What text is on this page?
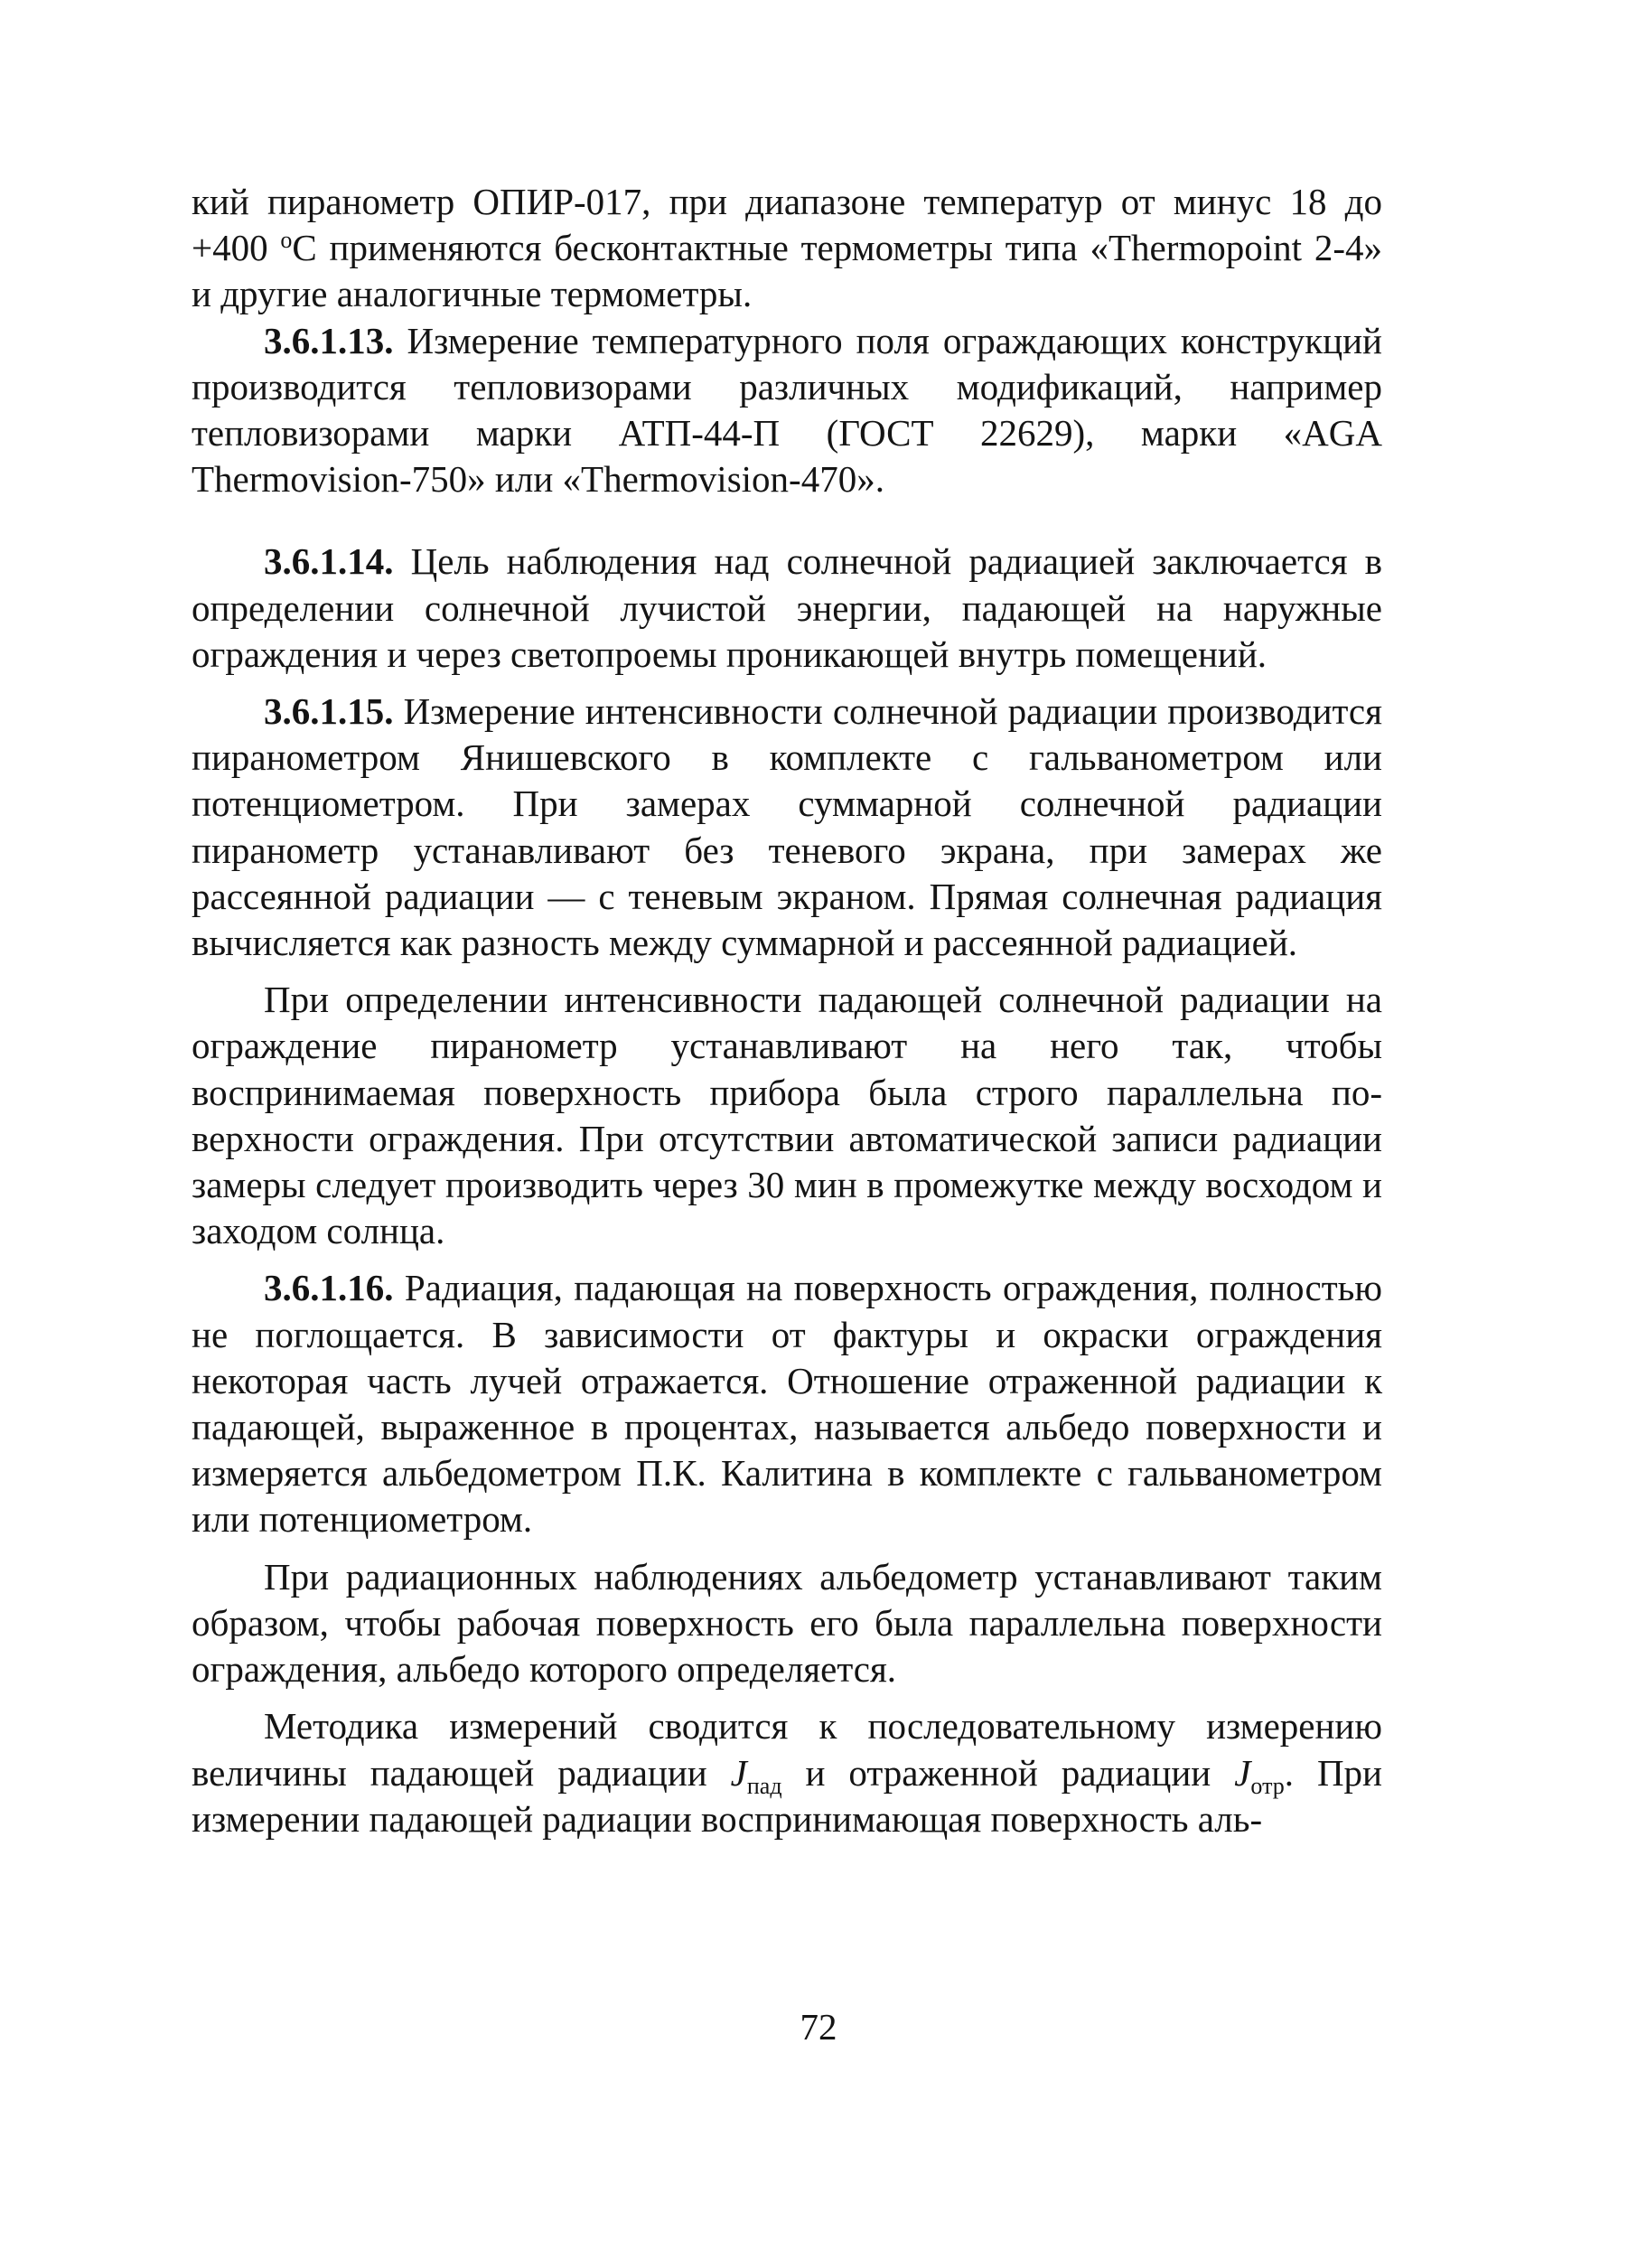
кий пиранометр ОПИР-017, при диапазоне температур от минус 18 до +400 $^о$С применяются бесконтактные термометры типа «Thermopoint 2-4» и другие аналогичные термометры.

3.6.1.13. Измерение температурного поля ограждающих конструкций производится тепловизорами различных модификаций, например тепловизорами марки АТП-44-П (ГОСТ 22629), марки «AGA Thermovision-750» или «Thermovision-470».

3.6.1.14. Цель наблюдения над солнечной радиацией заключается в определении солнечной лучистой энергии, падающей на наружные ограждения и через светопроемы проникающей внутрь помещений.

3.6.1.15. Измерение интенсивности солнечной радиации производится пиранометром Янишевского в комплекте с гальванометром или потенциометром. При замерах суммарной солнечной радиации пиранометр устанавливают без теневого экрана, при замерах же рассеянной радиации — с теневым экраном. Прямая солнечная радиация вычисляется как разность между суммарной и рассеянной радиацией.

При определении интенсивности падающей солнечной радиации на ограждение пиранометр устанавливают на него так, чтобы воспринимаемая поверхность прибора была строго параллельна поверхности ограждения. При отсутствии автоматической записи радиации замеры следует производить через 30 мин в промежутке между восходом и заходом солнца.

3.6.1.16. Радиация, падающая на поверхность ограждения, полностью не поглощается. В зависимости от фактуры и окраски ограждения некоторая часть лучей отражается. Отношение отраженной радиации к падающей, выраженное в процентах, называется альбедо поверхности и измеряется альбедометром П.К. Калитина в комплекте с гальванометром или потенциометром.

При радиационных наблюдениях альбедометр устанавливают таким образом, чтобы рабочая поверхность его была параллельна поверхности ограждения, альбедо которого определяется.

Методика измерений сводится к последовательному измерению величины падающей радиации $J_{пад}$ и отраженной радиации $J_{отр}$. При измерении падающей радиации воспринимающая поверхность аль-

72
